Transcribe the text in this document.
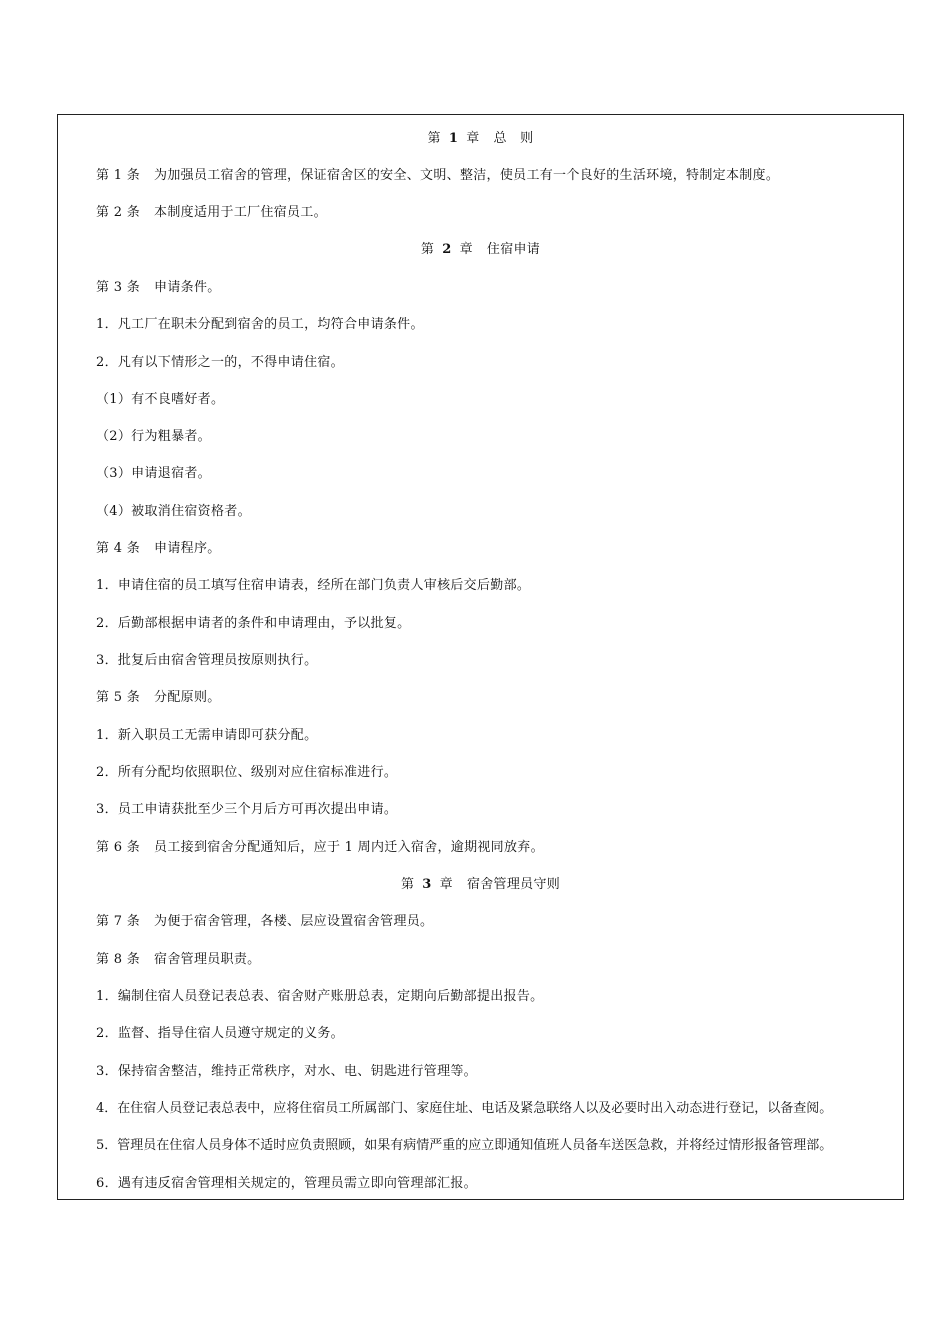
第 1 章 总　则
第 1 条 为加强员工宿舍的管理，保证宿舍区的安全、文明、整洁，使员工有一个良好的生活环境，特制定本制度。
第 2 条 本制度适用于工厂住宿员工。
第 2 章 住宿申请
第 3 条 申请条件。
1．凡工厂在职未分配到宿舍的员工，均符合申请条件。
2．凡有以下情形之一的，不得申请住宿。
（1）有不良嗜好者。
（2）行为粗暴者。
（3）申请退宿者。
（4）被取消住宿资格者。
第 4 条 申请程序。
1．申请住宿的员工填写住宿申请表，经所在部门负责人审核后交后勤部。
2．后勤部根据申请者的条件和申请理由，予以批复。
3．批复后由宿舍管理员按原则执行。
第 5 条 分配原则。
1．新入职员工无需申请即可获分配。
2．所有分配均依照职位、级别对应住宿标准进行。
3．员工申请获批至少三个月后方可再次提出申请。
第 6 条 员工接到宿舍分配通知后，应于 1 周内迁入宿舍，逾期视同放弃。
第 3 章 宿舍管理员守则
第 7 条 为便于宿舍管理，各楼、层应设置宿舍管理员。
第 8 条 宿舍管理员职责。
1．编制住宿人员登记表总表、宿舍财产账册总表，定期向后勤部提出报告。
2．监督、指导住宿人员遵守规定的义务。
3．保持宿舍整洁，维持正常秩序，对水、电、钥匙进行管理等。
4．在住宿人员登记表总表中，应将住宿员工所属部门、家庭住址、电话及紧急联络人以及必要时出入动态进行登记，以备查阅。
5．管理员在住宿人员身体不适时应负责照顾，如果有病情严重的应立即通知值班人员备车送医急救，并将经过情形报备管理部。
6．遇有违反宿舍管理相关规定的，管理员需立即向管理部汇报。
